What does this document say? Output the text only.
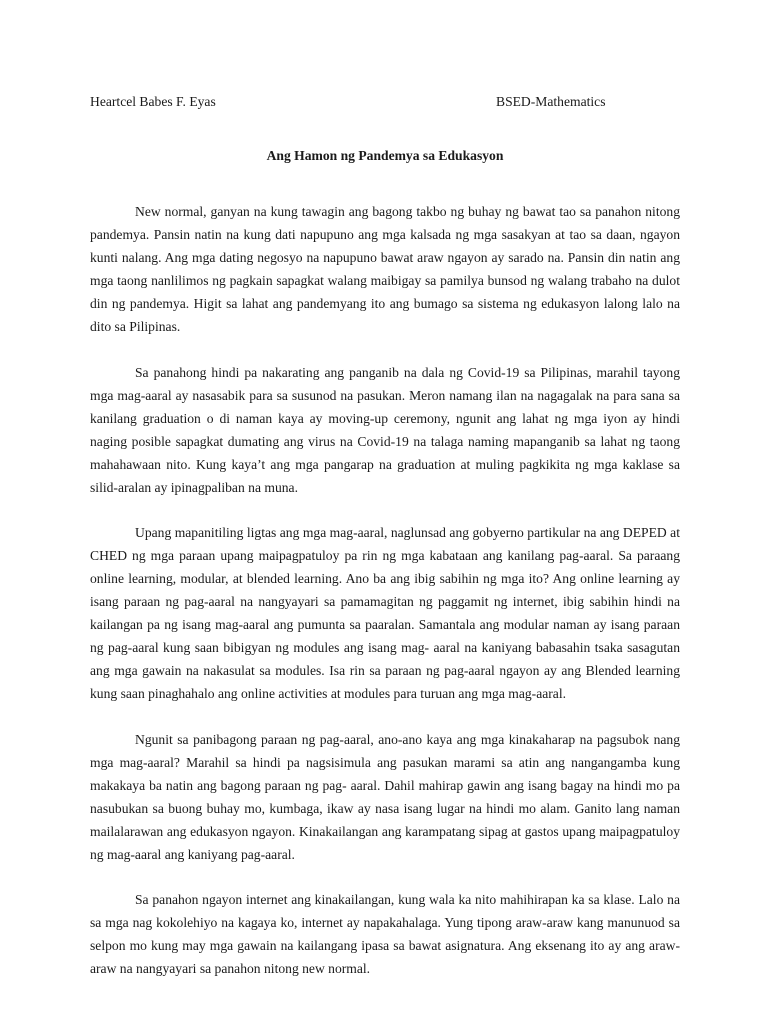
Heartcel Babes F. Eyas	BSED-Mathematics
Ang Hamon ng Pandemya sa Edukasyon

New normal, ganyan na kung tawagin ang bagong takbo ng buhay ng bawat tao sa panahon nitong pandemya. Pansin natin na kung dati napupuno ang mga kalsada ng mga sasakyan at tao sa daan, ngayon kunti nalang. Ang mga dating negosyo na napupuno bawat araw ngayon ay sarado na. Pansin din natin ang mga taong nanlilimos ng pagkain sapagkat walang maibigay sa pamilya bunsod ng walang trabaho na dulot din ng pandemya. Higit sa lahat ang pandemyang ito ang bumago sa sistema ng edukasyon lalong lalo na dito sa Pilipinas.

Sa panahong hindi pa nakarating ang panganib na dala ng Covid-19 sa Pilipinas, marahil tayong mga mag-aaral ay nasasabik para sa susunod na pasukan. Meron namang ilan na nagagalak na para sana sa kanilang graduation o di naman kaya ay moving-up ceremony, ngunit ang lahat ng mga iyon ay hindi naging posible sapagkat dumating ang virus na Covid-19 na talaga naming mapanganib sa lahat ng taong mahahawaan nito. Kung kaya’t ang mga pangarap na graduation at muling pagkikita ng mga kaklase sa silid-aralan ay ipinagpaliban na muna.

Upang mapanitiling ligtas ang mga mag-aaral, naglunsad ang gobyerno partikular na ang DEPED at CHED ng mga paraan upang maipagpatuloy pa rin ng mga kabataan ang kanilang pag-aaral. Sa paraang online learning, modular, at blended learning. Ano ba ang ibig sabihin ng mga ito? Ang online learning ay isang paraan ng pag-aaral na nangyayari sa pamamagitan ng paggamit ng internet, ibig sabihin hindi na kailangan pa ng isang mag-aaral ang pumunta sa paaralan. Samantala ang modular naman ay isang paraan ng pag-aaral kung saan bibigyan ng modules ang isang mag- aaral na kaniyang babasahin tsaka sasagutan ang mga gawain na nakasulat sa modules. Isa rin sa paraan ng pag-aaral ngayon ay ang Blended learning kung saan pinaghahalo ang online activities at modules para turuan ang mga mag-aaral.

Ngunit sa panibagong paraan ng pag-aaral, ano-ano kaya ang mga kinakaharap na pagsubok nang mga mag-aaral? Marahil sa hindi pa nagsisimula ang pasukan marami sa atin ang nangangamba kung makakaya ba natin ang bagong paraan ng pag- aaral. Dahil mahirap gawin ang isang bagay na hindi mo pa nasubukan sa buong buhay mo, kumbaga, ikaw ay nasa isang lugar na hindi mo alam. Ganito lang naman mailalarawan ang edukasyon ngayon. Kinakailangan ang karampatang sipag at gastos upang maipagpatuloy ng mag-aaral ang kaniyang pag-aaral.

Sa panahon ngayon internet ang kinakailangan, kung wala ka nito mahihirapan ka sa klase. Lalo na sa mga nag kokolehiyo na kagaya ko, internet ay napakahalaga. Yung tipong araw-araw kang manunuod sa selpon mo kung may mga gawain na kailangang ipasa sa bawat asignatura. Ang eksenang ito ay ang araw-araw na nangyayari sa panahon nitong new normal.
